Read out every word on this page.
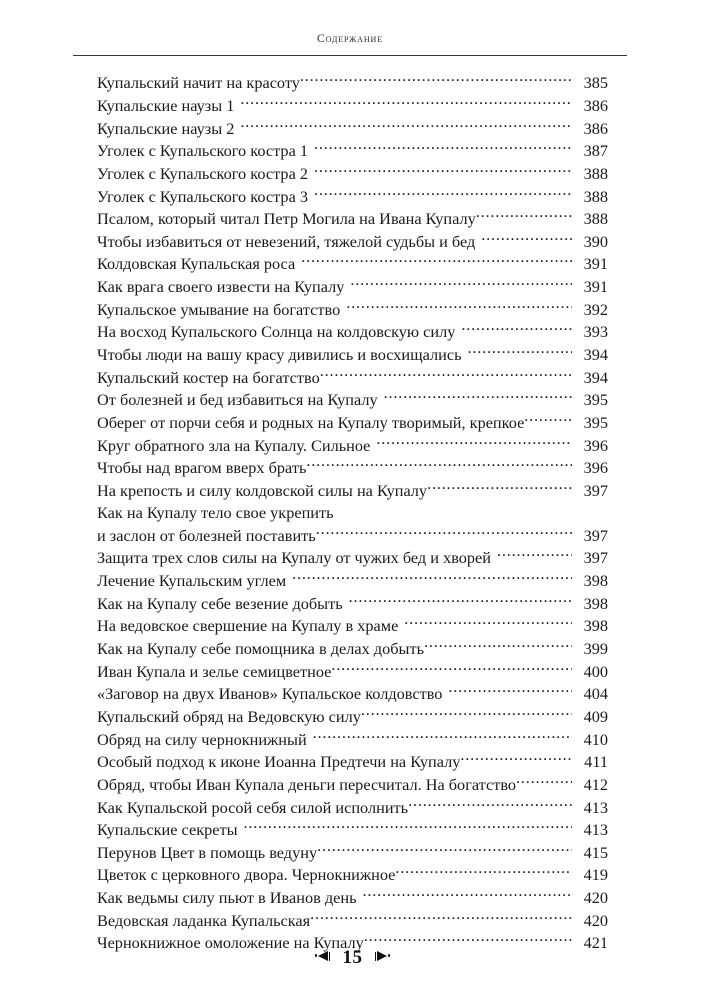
Содержание
Купальский начит на красоту .....	385
Купальские наузы 1 .....	386
Купальские наузы 2 .....	386
Уголек с Купальского костра 1 .....	387
Уголек с Купальского костра 2 .....	388
Уголек с Купальского костра 3 .....	388
Псалом, который читал Петр Могила на Ивана Купалу .....	388
Чтобы избавиться от невезений, тяжелой судьбы и бед .....	390
Колдовская Купальская роса .....	391
Как врага своего извести на Купалу .....	391
Купальское умывание на богатство .....	392
На восход Купальского Солнца на колдовскую силу .....	393
Чтобы люди на вашу красу дивились и восхищались .....	394
Купальский костер на богатство .....	394
От болезней и бед избавиться на Купалу .....	395
Оберег от порчи себя и родных на Купалу творимый, крепкое .....	395
Круг обратного зла на Купалу. Сильное .....	396
Чтобы над врагом вверх брать .....	396
На крепость и силу колдовской силы на Купалу .....	397
Как на Купалу тело свое укрепить
и заслон от болезней поставить .....	397
Защита трех слов силы на Купалу от чужих бед и хворей .....	397
Лечение Купальским углем .....	398
Как на Купалу себе везение добыть .....	398
На ведовское свершение на Купалу в храме .....	398
Как на Купалу себе помощника в делах добыть .....	399
Иван Купала и зелье семицветное .....	400
«Заговор на двух Иванов» Купальское колдовство .....	404
Купальский обряд на Ведовскую силу .....	409
Обряд на силу чернокнижный .....	410
Особый подход к иконе Иоанна Предтечи на Купалу .....	411
Обряд, чтобы Иван Купала деньги пересчитал. На богатство .....	412
Как Купальской росой себя силой исполнить .....	413
Купальские секреты .....	413
Перунов Цвет в помощь ведуну .....	415
Цветок с церковного двора. Чернокнижное .....	419
Как ведьмы силу пьют в Иванов день .....	420
Ведовская ладанка Купальская .....	420
Чернокнижное омоложение на Купалу .....	421
15
